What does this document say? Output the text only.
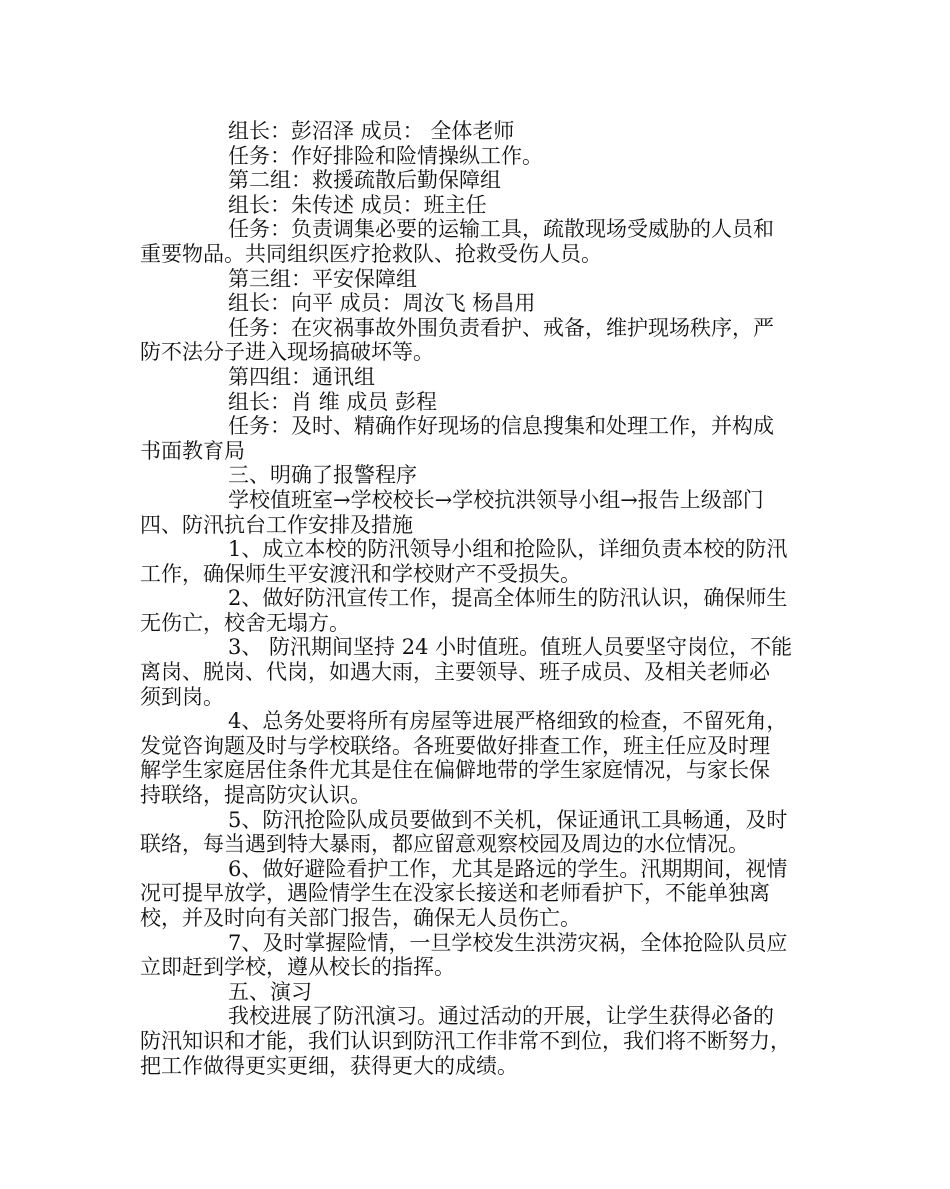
组长：彭沼泽 成员： 全体老师
任务：作好排险和险情操纵工作。
第二组：救援疏散后勤保障组
组长：朱传述 成员：班主任
任务：负责调集必要的运输工具，疏散现场受威胁的人员和
重要物品。共同组织医疗抢救队、抢救受伤人员。
第三组：平安保障组
组长：向平 成员：周汝飞 杨昌用
任务：在灾祸事故外围负责看护、戒备，维护现场秩序，严
防不法分子进入现场搞破坏等。
第四组：通讯组
组长：肖 维 成员 彭程
任务：及时、精确作好现场的信息搜集和处理工作，并构成
书面教育局
三、明确了报警程序
学校值班室→学校校长→学校抗洪领导小组→报告上级部门
四、防汛抗台工作安排及措施
1、成立本校的防汛领导小组和抢险队，详细负责本校的防汛
工作，确保师生平安渡汛和学校财产不受损失。
2、做好防汛宣传工作，提高全体师生的防汛认识，确保师生
无伤亡，校舍无塌方。
3、 防汛期间坚持 24 小时值班。值班人员要坚守岗位，不能
离岗、脱岗、代岗，如遇大雨，主要领导、班子成员、及相关老师必
须到岗。
4、总务处要将所有房屋等进展严格细致的检查，不留死角，
发觉咨询题及时与学校联络。各班要做好排查工作，班主任应及时理
解学生家庭居住条件尤其是住在偏僻地带的学生家庭情况，与家长保
持联络，提高防灾认识。
5、防汛抢险队成员要做到不关机，保证通讯工具畅通，及时
联络，每当遇到特大暴雨，都应留意观察校园及周边的水位情况。
6、做好避险看护工作，尤其是路远的学生。汛期期间，视情
况可提早放学，遇险情学生在没家长接送和老师看护下，不能单独离
校，并及时向有关部门报告，确保无人员伤亡。
7、及时掌握险情，一旦学校发生洪涝灾祸，全体抢险队员应
立即赶到学校，遵从校长的指挥。
五、演习
我校进展了防汛演习。通过活动的开展，让学生获得必备的
防汛知识和才能，我们认识到防汛工作非常不到位，我们将不断努力，
把工作做得更实更细，获得更大的成绩。
